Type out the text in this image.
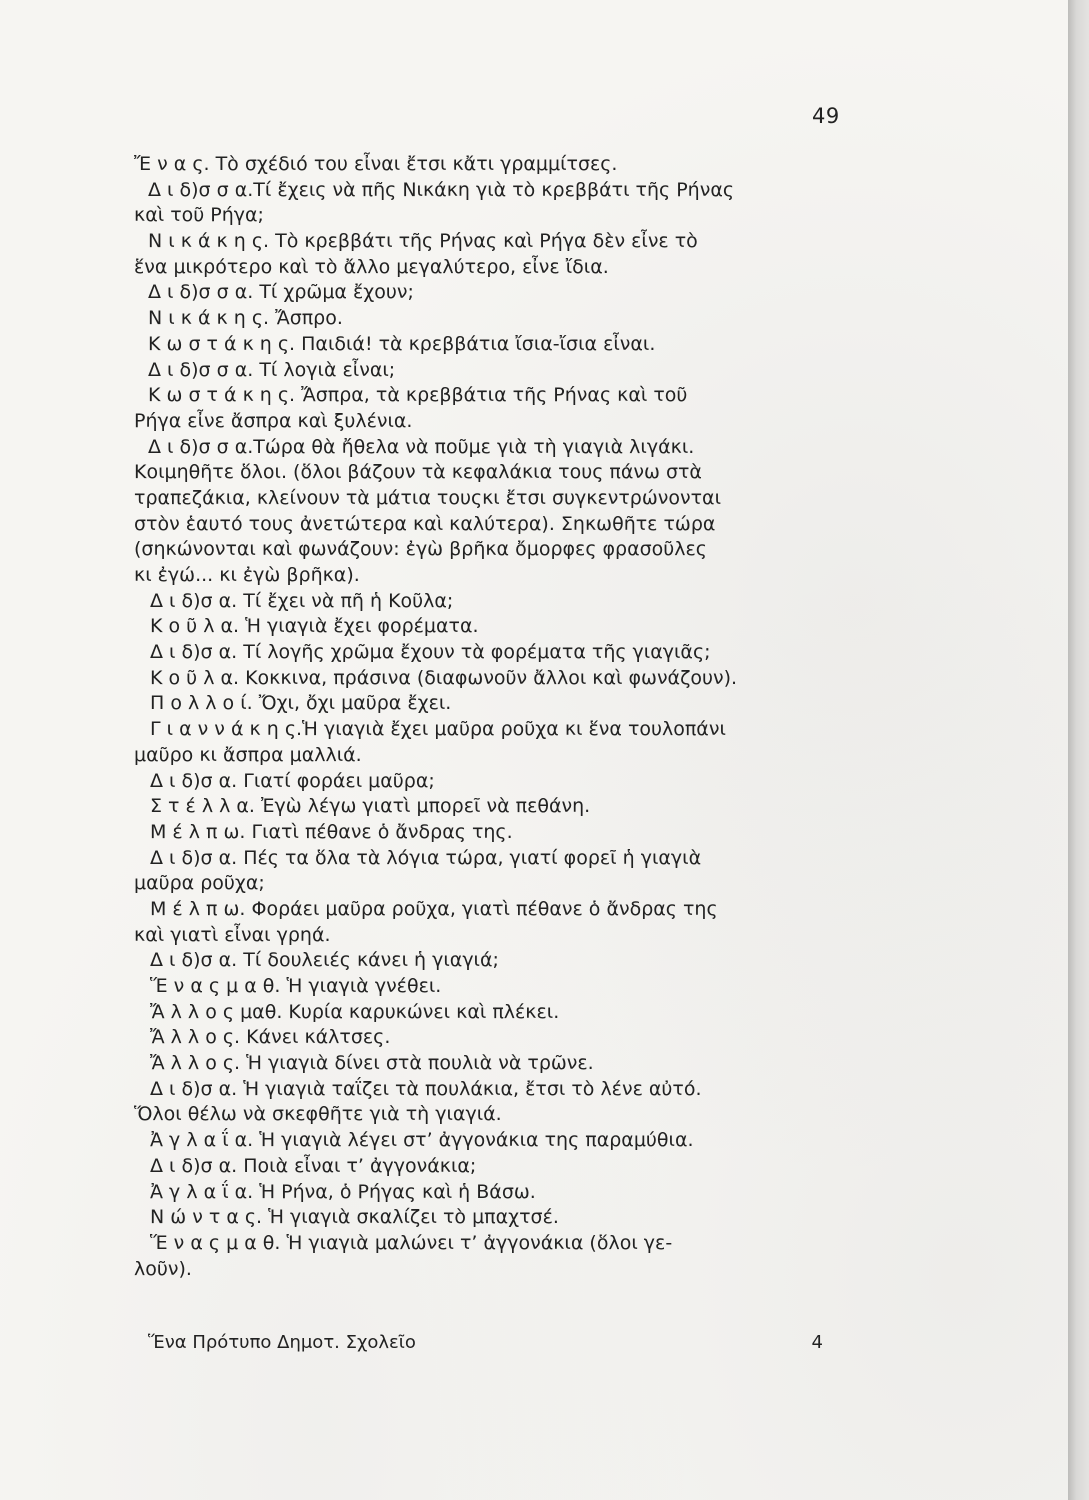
49
Ἔ ν α ς. Τὸ σχέδιό του εἶναι ἔτσι κἄτι γραμμίτσες.
Δ ι δ)σ σ α.Τί ἔχεις νὰ πῆς Νικάκη γιὰ τὸ κρεββάτι τῆς Ρήνας
καὶ τοῦ Ρήγα;
Ν ι κ ά κ η ς. Τὸ κρεββάτι τῆς Ρήνας καὶ Ρήγα δὲν εἶνε τὸ
ἕνα μικρότερο καὶ τὸ ἄλλο μεγαλύτερο, εἶνε ἴδια.
Δ ι δ)σ σ α. Τί χρῶμα ἔχουν;
Ν ι κ ά κ η ς. Ἄσπρο.
Κ ω σ τ ά κ η ς. Παιδιά! τὰ κρεββάτια ἴσια-ἴσια εἶναι.
Δ ι δ)σ σ α. Τί λογιὰ εἶναι;
Κ ω σ τ ά κ η ς. Ἄσπρα, τὰ κρεββάτια τῆς Ρήνας καὶ τοῦ
Ρήγα εἶνε ἄσπρα καὶ ξυλένια.
Δ ι δ)σ σ α.Τώρα θὰ ἤθελα νὰ ποῦμε γιὰ τὴ γιαγιὰ λιγάκι.
Κοιμηθῆτε ὅλοι. (ὅλοι βάζουν τὰ κεφαλάκια τους πάνω στὰ
τραπεζάκια, κλείνουν τὰ μάτια τουςκι ἔτσι συγκεντρώνονται
στὸν ἑαυτό τους ἀνετώτερα καὶ καλύτερα). Σηκωθῆτε τώρα
(σηκώνονται καὶ φωνάζουν: ἐγὼ βρῆκα ὄμορφες φρασοῦλες
κι ἐγώ... κι ἐγὼ βρῆκα).
Δ ι δ)σ α. Τί ἔχει νὰ πῆ ἡ Κοῦλα;
Κ ο ῦ λ α. Ἡ γιαγιὰ ἔχει φορέματα.
Δ ι δ)σ α. Τί λογῆς χρῶμα ἔχουν τὰ φορέματα τῆς γιαγιᾶς;
Κ ο ῦ λ α. Κοκκινα, πράσινα (διαφωνοῦν ἄλλοι καὶ φωνάζουν).
Π ο λ λ ο ί. Ὄχι, ὄχι μαῦρα ἔχει.
Γ ι α ν ν ά κ η ς.Ἡ γιαγιὰ ἔχει μαῦρα ροῦχα κι ἕνα τουλοπάνι
μαῦρο κι ἄσπρα μαλλιά.
Δ ι δ)σ α. Γιατί φοράει μαῦρα;
Σ τ έ λ λ α. Ἐγὼ λέγω γιατὶ μπορεῖ νὰ πεθάνη.
Μ έ λ π ω. Γιατὶ πέθανε ὁ ἄνδρας της.
Δ ι δ)σ α. Πές τα ὅλα τὰ λόγια τώρα, γιατί φορεῖ ἡ γιαγιὰ
μαῦρα ροῦχα;
Μ έ λ π ω. Φοράει μαῦρα ροῦχα, γιατὶ πέθανε ὁ ἄνδρας της
καὶ γιατὶ εἶναι γρηά.
Δ ι δ)σ α. Τί δουλειές κάνει ἡ γιαγιά;
Ἕ ν α ς μ α θ. Ἡ γιαγιὰ γνέθει.
Ἄ λ λ ο ς μαθ. Κυρία καρυκώνει καὶ πλέκει.
Ἄ λ λ ο ς. Κάνει κάλτσες.
Ἄ λ λ ο ς. Ἡ γιαγιὰ δίνει στὰ πουλιὰ νὰ τρῶνε.
Δ ι δ)σ α. Ἡ γιαγιὰ ταΐζει τὰ πουλάκια, ἔτσι τὸ λένε αὐτό.
Ὅλοι θέλω νὰ σκεφθῆτε γιὰ τὴ γιαγιά.
Ἀ γ λ α ΐ α. Ἡ γιαγιὰ λέγει στ’ ἀγγονάκια της παραμύθια.
Δ ι δ)σ α. Ποιὰ εἶναι τ’ ἀγγονάκια;
Ἀ γ λ α ΐ α. Ἡ Ρήνα, ὁ Ρήγας καὶ ἡ Βάσω.
Ν ώ ν τ α ς. Ἡ γιαγιὰ σκαλίζει τὸ μπαχτσέ.
Ἕ ν α ς μ α θ. Ἡ γιαγιὰ μαλώνει τ’ ἀγγονάκια (ὅλοι γε-
λοῦν).
Ἕνα Πρότυπο Δημοτ. Σχολεῖο	4
